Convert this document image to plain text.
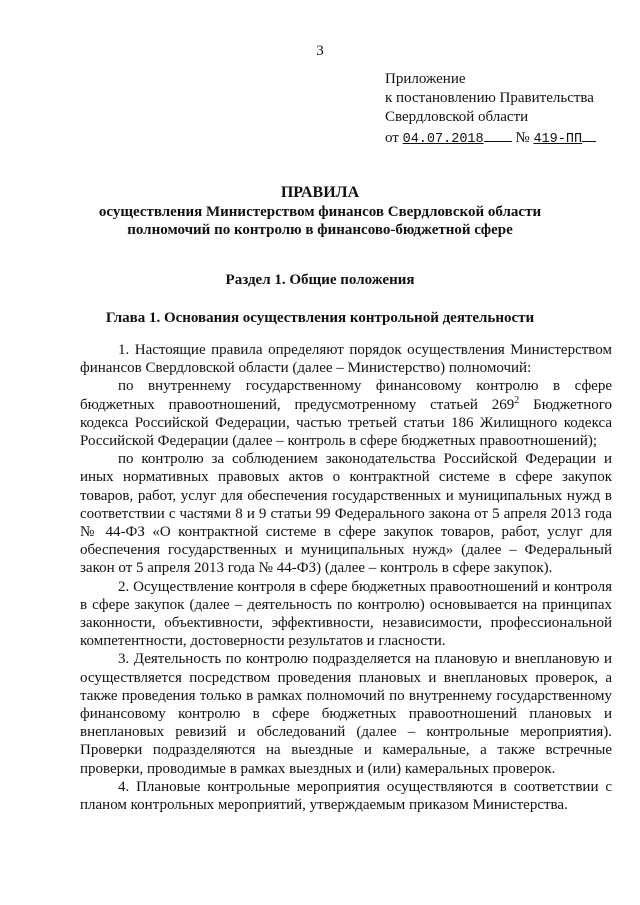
3
Приложение
к постановлению Правительства
Свердловской области
от 04.07.2018 № 419-ПП
ПРАВИЛА
осуществления Министерством финансов Свердловской области
полномочий по контролю в финансово-бюджетной сфере
Раздел 1. Общие положения
Глава 1. Основания осуществления контрольной деятельности

1. Настоящие правила определяют порядок осуществления Министерством финансов Свердловской области (далее – Министерство) полномочий:

по внутреннему государственному финансовому контролю в сфере бюджетных правоотношений, предусмотренному статьей $269^2$ Бюджетного кодекса Российской Федерации, частью третьей статьи 186 Жилищного кодекса Российской Федерации (далее – контроль в сфере бюджетных правоотношений);

по контролю за соблюдением законодательства Российской Федерации и иных нормативных правовых актов о контрактной системе в сфере закупок товаров, работ, услуг для обеспечения государственных и муниципальных нужд в соответствии с частями 8 и 9 статьи 99 Федерального закона от 5 апреля 2013 года № 44-ФЗ «О контрактной системе в сфере закупок товаров, работ, услуг для обеспечения государственных и муниципальных нужд» (далее – Федеральный закон от 5 апреля 2013 года № 44-ФЗ) (далее – контроль в сфере закупок).

2. Осуществление контроля в сфере бюджетных правоотношений и контроля в сфере закупок (далее – деятельность по контролю) основывается на принципах законности, объективности, эффективности, независимости, профессиональной компетентности, достоверности результатов и гласности.

3. Деятельность по контролю подразделяется на плановую и внеплановую и осуществляется посредством проведения плановых и внеплановых проверок, а также проведения только в рамках полномочий по внутреннему государственному финансовому контролю в сфере бюджетных правоотношений плановых и внеплановых ревизий и обследований (далее – контрольные мероприятия). Проверки подразделяются на выездные и камеральные, а также встречные проверки, проводимые в рамках выездных и (или) камеральных проверок.

4. Плановые контрольные мероприятия осуществляются в соответствии с планом контрольных мероприятий, утверждаемым приказом Министерства.
